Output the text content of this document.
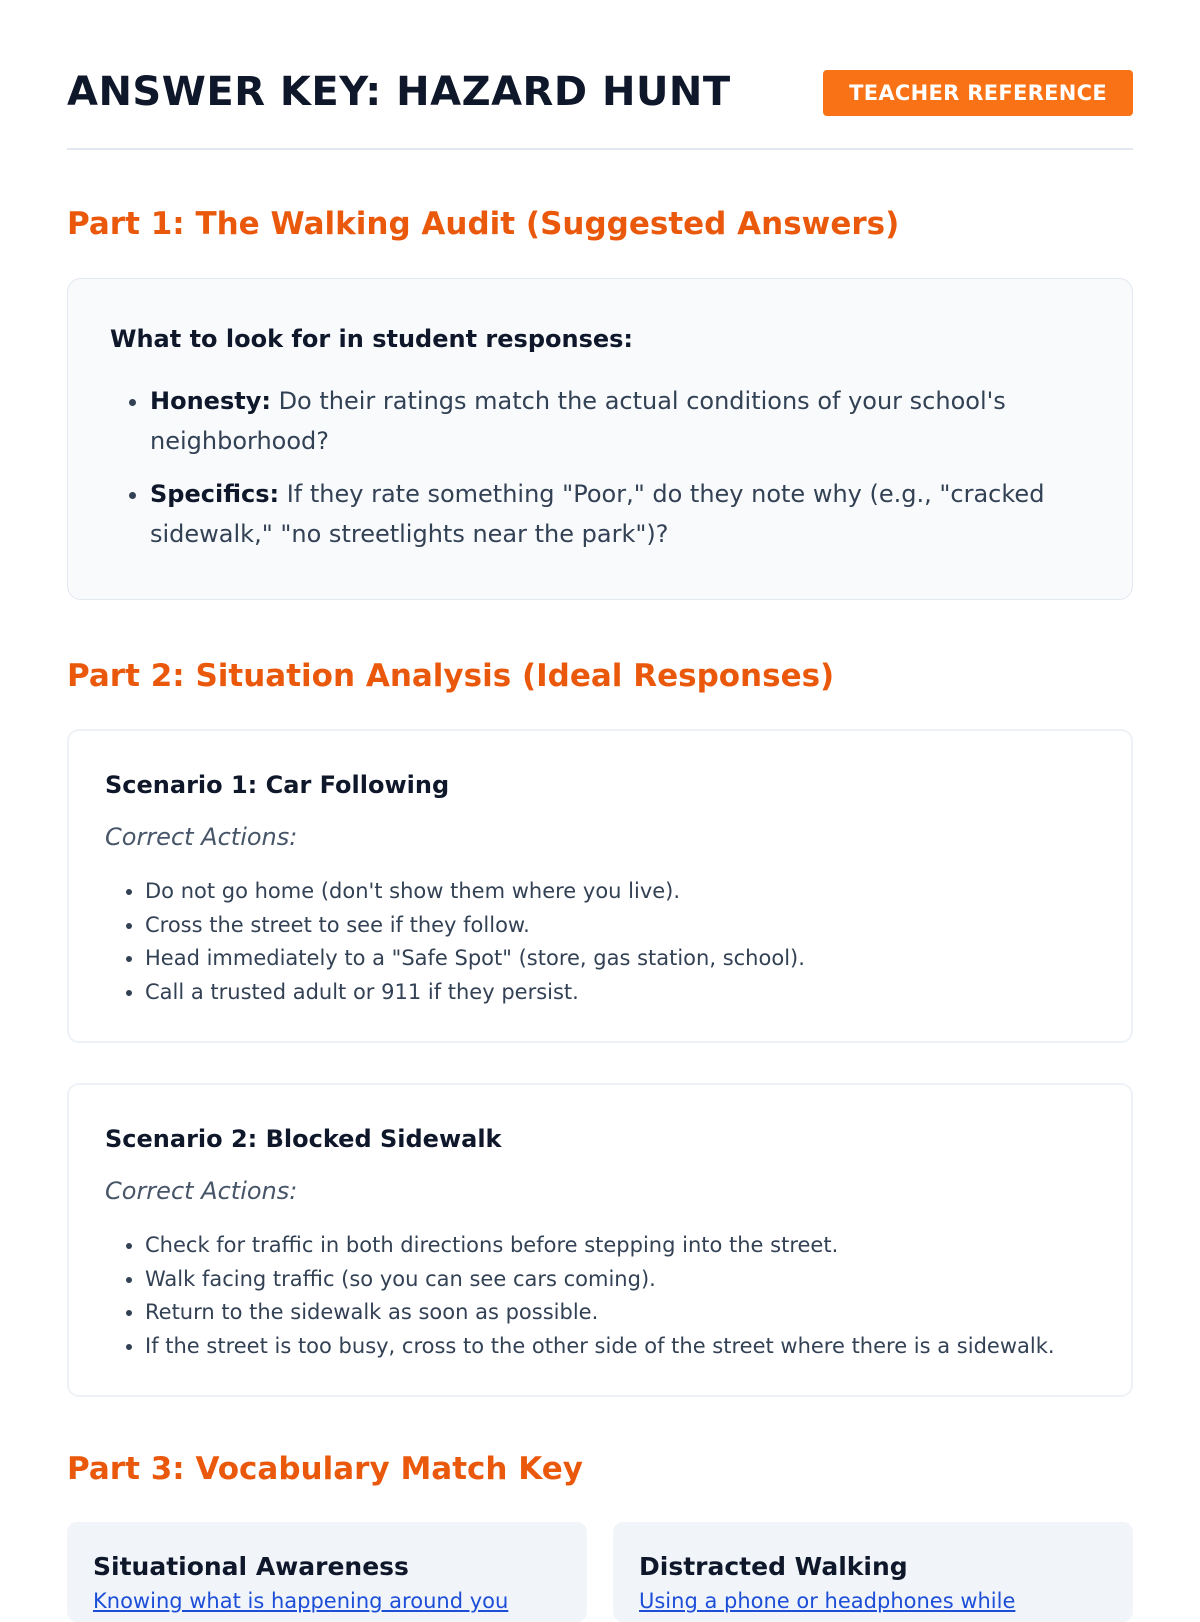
ANSWER KEY: HAZARD HUNT	TEACHER REFERENCE
Part 1: The Walking Audit (Suggested Answers)
What to look for in student responses:
• Honesty: Do their ratings match the actual conditions of your school's neighborhood?
• Specifics: If they rate something "Poor," do they note why (e.g., "cracked sidewalk," "no streetlights near the park")?
Part 2: Situation Analysis (Ideal Responses)
Scenario 1: Car Following
Correct Actions:
• Do not go home (don't show them where you live).
• Cross the street to see if they follow.
• Head immediately to a "Safe Spot" (store, gas station, school).
• Call a trusted adult or 911 if they persist.
Scenario 2: Blocked Sidewalk
Correct Actions:
• Check for traffic in both directions before stepping into the street.
• Walk facing traffic (so you can see cars coming).
• Return to the sidewalk as soon as possible.
• If the street is too busy, cross to the other side of the street where there is a sidewalk.
Part 3: Vocabulary Match Key
Situational Awareness
Knowing what is happening around you
Distracted Walking
Using a phone or headphones while
